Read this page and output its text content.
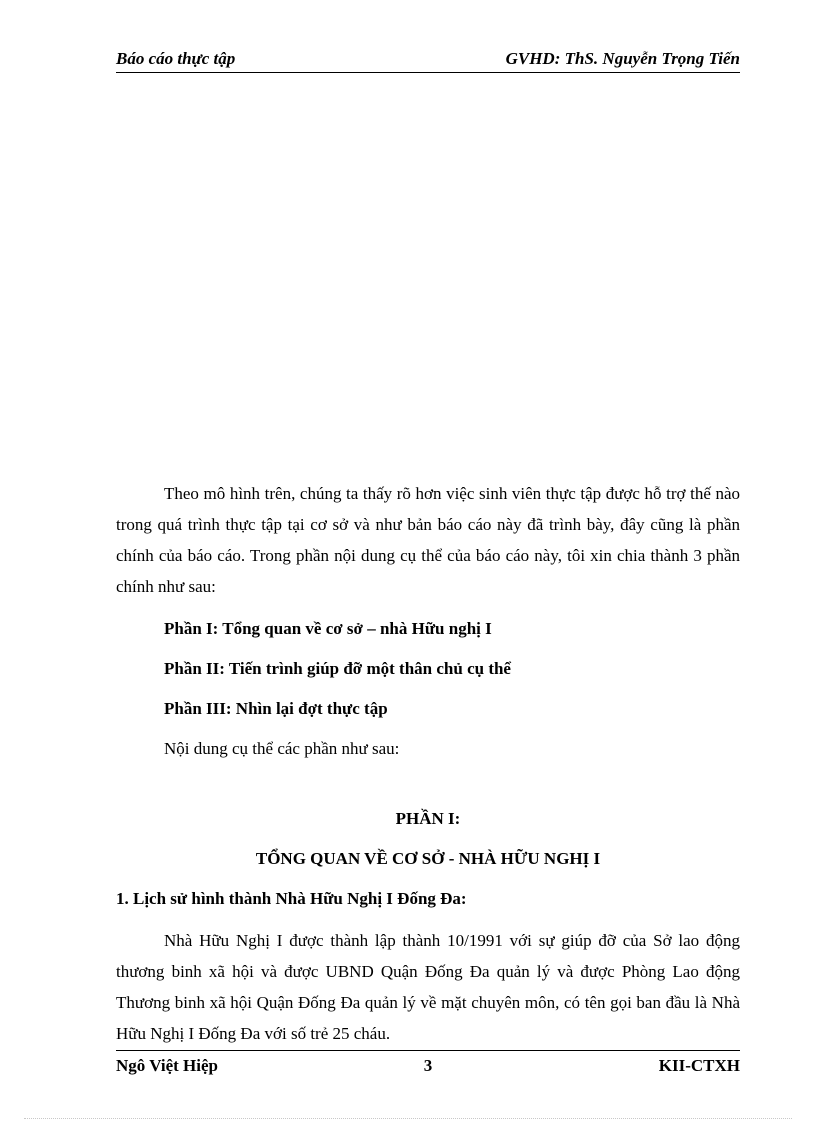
Báo cáo thực tập	GVHD: ThS. Nguyễn Trọng Tiến
Theo mô hình trên, chúng ta thấy rõ hơn việc sinh viên thực tập được hỗ trợ thế nào trong quá trình thực tập tại cơ sở và như bản báo cáo này đã trình bày, đây cũng là phần chính của báo cáo. Trong phần nội dung cụ thể của báo cáo này, tôi xin chia thành 3 phần chính như sau:
Phần I: Tổng quan về cơ sở – nhà Hữu nghị I
Phần II: Tiến trình giúp đỡ một thân chủ cụ thể
Phần III: Nhìn lại đợt thực tập
Nội dung cụ thể các phần như sau:
PHẦN I:
TỔNG QUAN VỀ CƠ SỞ - NHÀ HỮU NGHỊ I
1. Lịch sử hình thành Nhà Hữu Nghị I Đống Đa:
Nhà Hữu Nghị I được thành lập thành 10/1991 với sự giúp đỡ của Sở lao động thương binh xã hội và được UBND Quận Đống Đa quản lý và được Phòng Lao động Thương binh xã hội Quận Đống Đa quản lý về mặt chuyên môn, có tên gọi ban đầu là Nhà Hữu Nghị I Đống Đa với số trẻ 25 cháu.
Ngô Việt Hiệp	3	KII-CTXH
